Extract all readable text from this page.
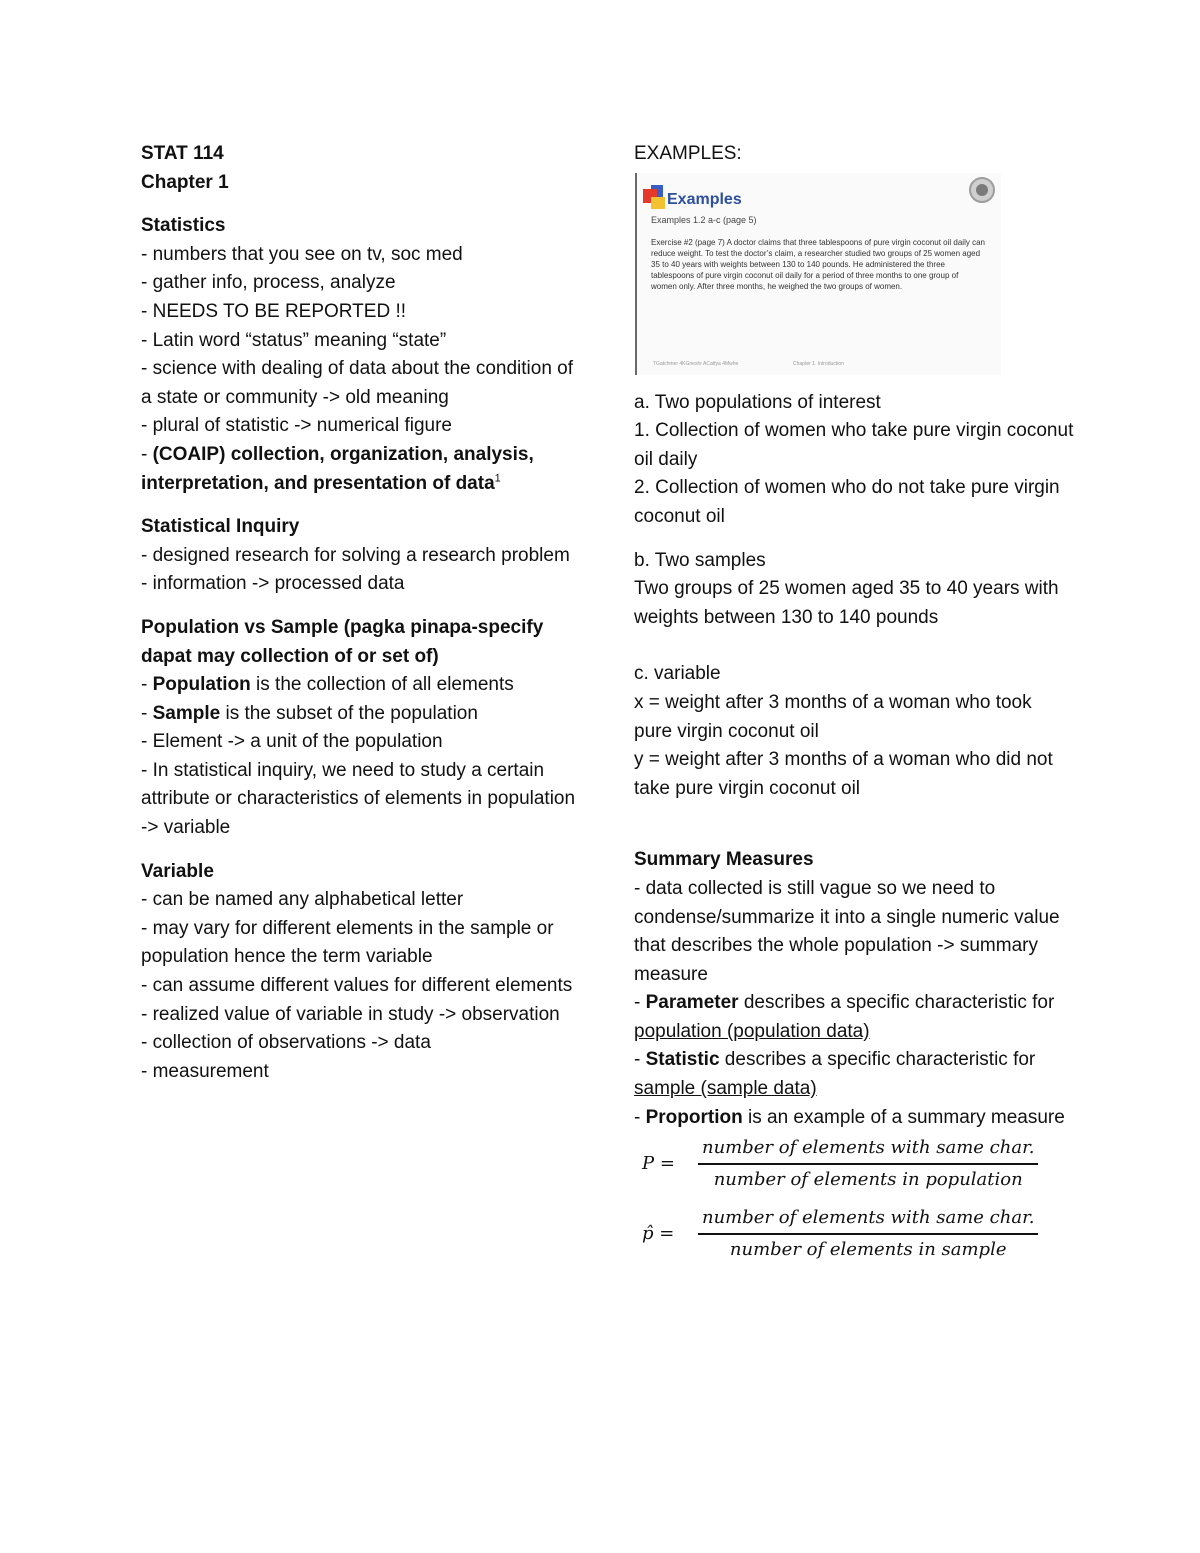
STAT 114

Chapter 1

Statistics

- numbers that you see on tv, soc med

- gather info, process, analyze

- NEEDS TO BE REPORTED !!

- Latin word “status” meaning “state”

- science with dealing of data about the condition of a state or community -> old meaning

- plural of statistic -> numerical figure

- (COAIP) collection, organization, analysis, interpretation, and presentation of data$^1$

Statistical Inquiry

- designed research for solving a research problem

- information -> processed data

Population vs Sample (pagka pinapa-specify dapat may collection of or set of)

- Population is the collection of all elements

- Sample is the subset of the population

- Element -> a unit of the population

- In statistical inquiry, we need to study a certain attribute or characteristics of elements in population -> variable

Variable

- can be named any alphabetical letter

- may vary for different elements in the sample or population hence the term variable

- can assume different values for different elements

- realized value of variable in study -> observation

- collection of observations -> data

- measurement

EXAMPLES:

Examples
Examples 1.2 a-c (page 5)
Exercise #2 (page 7) A doctor claims that three tablespoons of pure virgin coconut oil daily can reduce weight. To test the doctor’s claim, a researcher studied two groups of 25 women aged 35 to 40 years with weights between 130 to 140 pounds. He administered the three tablespoons of pure virgin coconut oil daily for a period of three months to one group of women only. After three months, he weighed the two groups of women.
TGatchmer 4KGrieshr ACattya 4Mwhe	Chapter 1. Introduction

a. Two populations of interest

1. Collection of women who take pure virgin coconut oil daily

2. Collection of women who do not take pure virgin coconut oil

b. Two samples

Two groups of 25 women aged 35 to 40 years with weights between 130 to 140 pounds

c. variable

x = weight after 3 months of a woman who took pure virgin coconut oil

y = weight after 3 months of a woman who did not take pure virgin coconut oil

Summary Measures

- data collected is still vague so we need to condense/summarize it into a single numeric value that describes the whole population -> summary measure

- Parameter describes a specific characteristic for population (population data)

- Statistic describes a specific characteristic for sample (sample data)

- Proportion is an example of a summary measure

P =	$\frac{\text{number of elements with same char.}}{\text{number of elements in population}}$
p̂ =	$\frac{\text{number of elements with same char.}}{\text{number of elements in sample}}$
